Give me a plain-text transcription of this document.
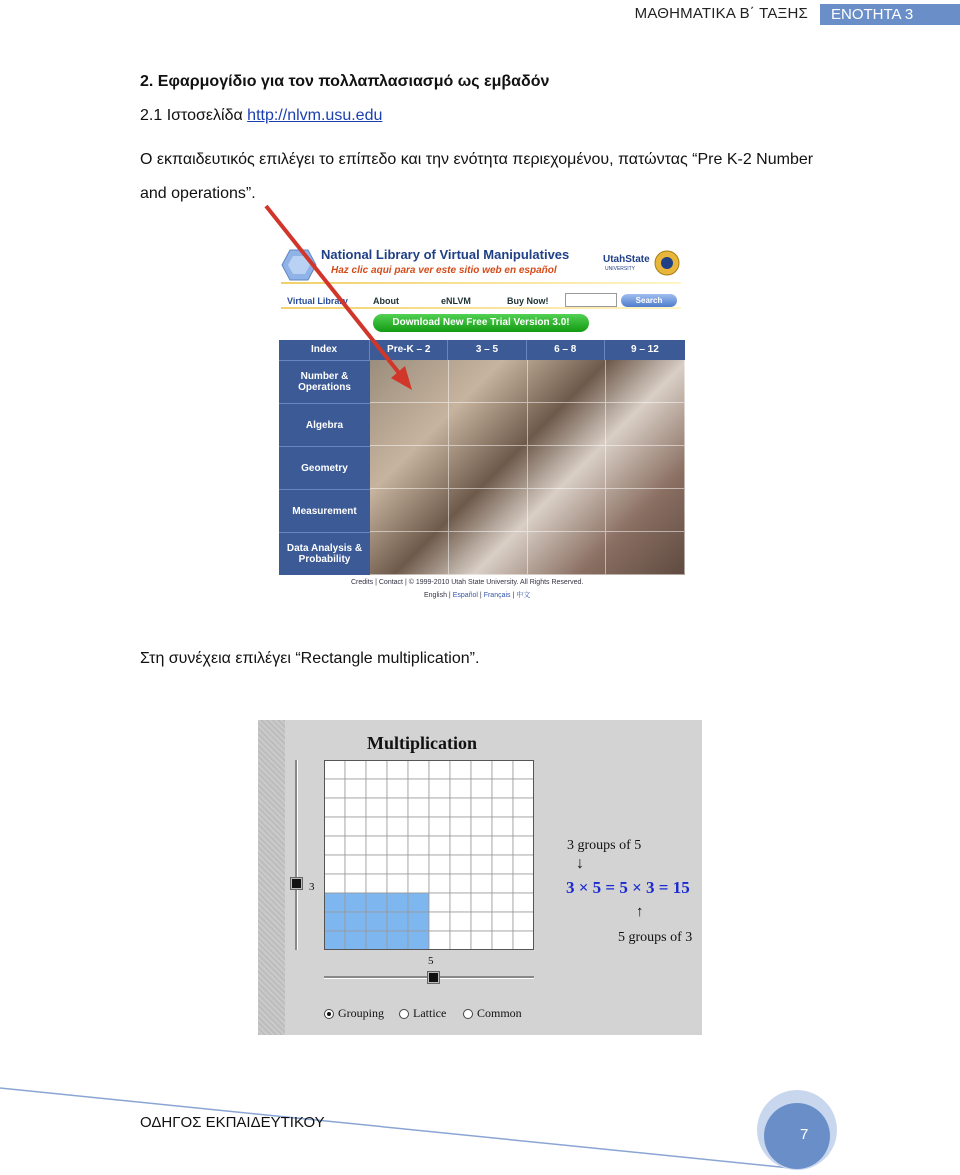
ΜΑΘΗΜΑΤΙΚΑ Β΄ ΤΑΞΗΣ	ΕΝΟΤΗΤΑ 3
2. Εφαρμογίδιο για τον πολλαπλασιασμό ως εμβαδόν
2.1 Ιστοσελίδα http://nlvm.usu.edu
Ο εκπαιδευτικός επιλέγει το επίπεδο και την ενότητα περιεχομένου, πατώντας “Pre K-2 Number and operations”.
National Library of Virtual Manipulatives
Haz clic aqui para ver este sitio web en español
UtahState
UNIVERSITY
Virtual Library	About	eNLVM	Buy Now!	Search
Download New Free Trial Version 3.0!
Index	Pre-K – 2	3 – 5	6 – 8	9 – 12
Number & Operations
Algebra
Geometry
Measurement
Data Analysis & Probability
Credits | Contact | © 1999-2010 Utah State University. All Rights Reserved.
English | Español | Français | 中文
Στη συνέχεια επιλέγει “Rectangle multiplication”.
Multiplication
3
5
3 groups of 5
↓
3 × 5 = 5 × 3 = 15
↑
5 groups of 3
Grouping	Lattice	Common
ΟΔΗΓΟΣ ΕΚΠΑΙΔΕΥΤΙΚΟΥ
7
